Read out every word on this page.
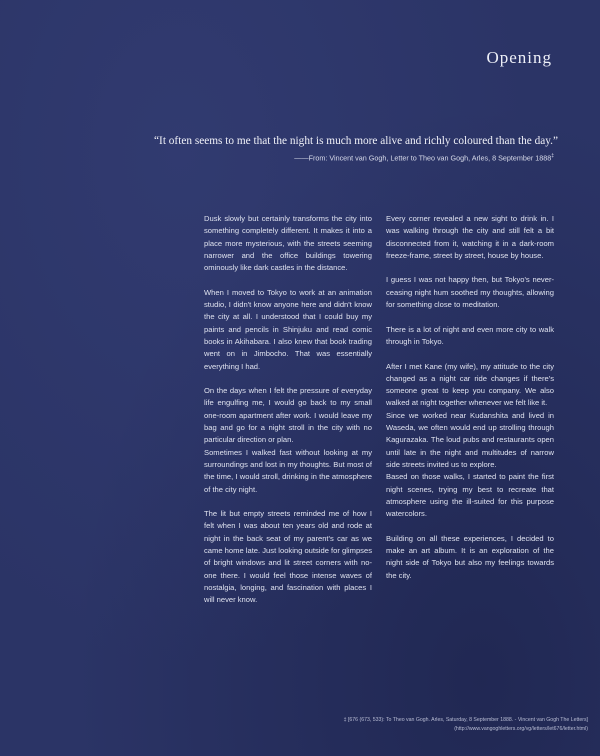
Opening
“It often seems to me that the night is much more alive and richly coloured than the day.”
——From: Vincent van Gogh, Letter to Theo van Gogh, Arles, 8 September 1888‡

Dusk slowly but certainly transforms the city into something completely different. It makes it into a place more mysterious, with the streets seeming narrower and the office buildings towering ominously like dark castles in the distance.

When I moved to Tokyo to work at an animation studio, I didn't know anyone here and didn't know the city at all. I understood that I could buy my paints and pencils in Shinjuku and read comic books in Akihabara. I also knew that book trading went on in Jimbocho. That was essentially everything I had.

On the days when I felt the pressure of everyday life engulfing me, I would go back to my small one-room apartment after work. I would leave my bag and go for a night stroll in the city with no particular direction or plan.

Sometimes I walked fast without looking at my surroundings and lost in my thoughts. But most of the time, I would stroll, drinking in the atmosphere of the city night.

The lit but empty streets reminded me of how I felt when I was about ten years old and rode at night in the back seat of my parent's car as we came home late. Just looking outside for glimpses of bright windows and lit street corners with no-one there. I would feel those intense waves of nostalgia, longing, and fascination with places I will never know.

Every corner revealed a new sight to drink in. I was walking through the city and still felt a bit disconnected from it, watching it in a dark-room freeze-frame, street by street, house by house.

I guess I was not happy then, but Tokyo's never-ceasing night hum soothed my thoughts, allowing for something close to meditation.

There is a lot of night and even more city to walk through in Tokyo.

After I met Kane (my wife), my attitude to the city changed as a night car ride changes if there's someone great to keep you company. We also walked at night together whenever we felt like it.

Since we worked near Kudanshita and lived in Waseda, we often would end up strolling through Kagurazaka. The loud pubs and restaurants open until late in the night and multitudes of narrow side streets invited us to explore.

Based on those walks, I started to paint the first night scenes, trying my best to recreate that atmosphere using the ill-suited for this purpose watercolors.

Building on all these experiences, I decided to make an art album. It is an exploration of the night side of Tokyo but also my feelings towards the city.

‡ [676 (673, 533): To Theo van Gogh. Arles, Saturday, 8 September 1888. - Vincent van Gogh The Letters]
(http://www.vangoghletters.org/vg/letters/let676/letter.html)
